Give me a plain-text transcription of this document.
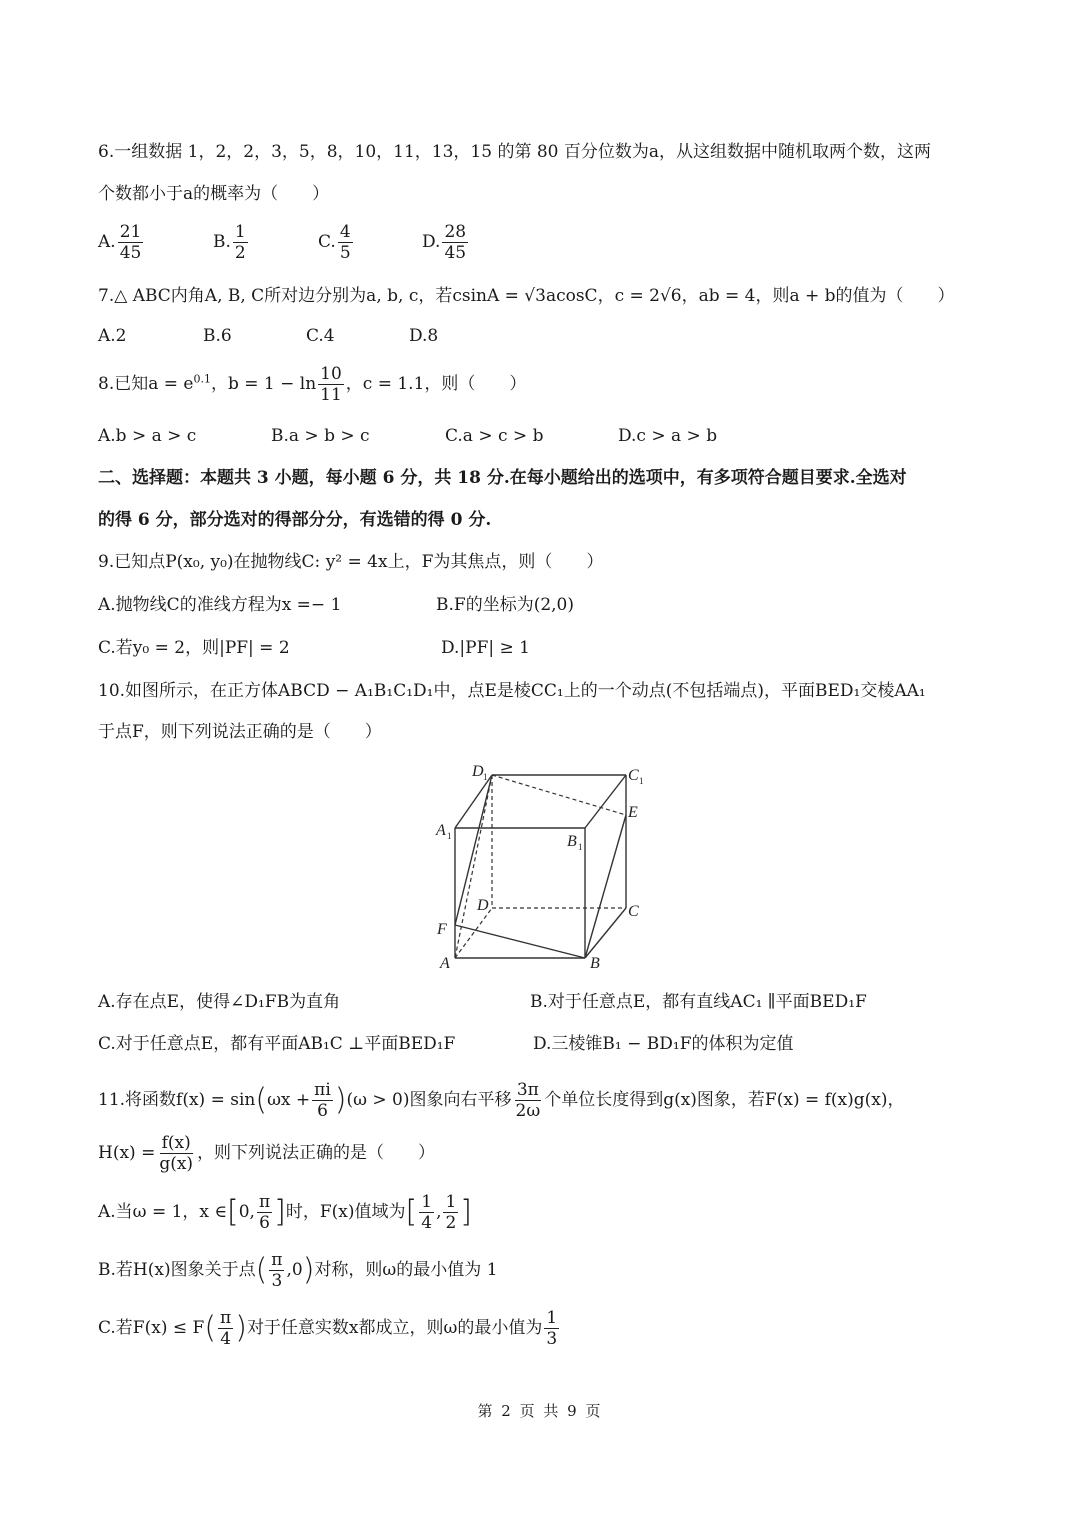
6.一组数据 1，2，2，3，5，8，10，11，13，15 的第 80 百分位数为a，从这组数据中随机取两个数，这两
个数都小于a的概率为（　　）
A. $\frac{21}{45}$	B. $\frac{1}{2}$	C. $\frac{4}{5}$	D. $\frac{28}{45}$
7.△ ABC内角A, B, C所对边分别为a, b, c，若csinA = √3acosC，c = 2√6，ab = 4，则a + b的值为（　　）
A.2	B.6	C.4	D.8
8.已知$a = e^{0.1}$，$b = 1 - \ln \frac{10}{11}$ ，c = 1.1，则（　　）
A.b > a > c	B.a > b > c	C.a > c > b	D.c > a > b
二、选择题：本题共 3 小题，每小题 6 分，共 18 分.在每小题给出的选项中，有多项符合题目要求.全选对
的得 6 分，部分选对的得部分分，有选错的得 0 分.
9.已知点P(x₀, y₀)在抛物线C: y² = 4x上，F为其焦点，则（　　）
A.抛物线C的准线方程为x =− 1	B.F的坐标为(2,0)
C.若y₀ = 2，则|PF| = 2	D.|PF| ≥ 1
10.如图所示，在正方体ABCD − A₁B₁C₁D₁中，点E是棱CC₁上的一个动点(不包括端点)，平面BED₁交棱AA₁
于点F，则下列说法正确的是（　　）
D 1	C 1
A 1	B 1
E
D	C
F
A	B
A.存在点E，使得∠D₁FB为直角	B.对于任意点E，都有直线AC₁ ∥平面BED₁F
C.对于任意点E，都有平面AB₁C ⊥平面BED₁F	D.三棱锥B₁ − BD₁F的体积为定值
11.将函数$f(x) = \sin(\omega x + \frac{\pi i}{6} )(\omega > 0)$图象向右平移 $\frac{3\pi}{2\omega}$ 个单位长度得到g(x)图象，若F(x) = f(x)g(x)，
$H(x) = \frac{f(x)}{g(x)}$ ，则下列说法正确的是（　　）
A.当ω = 1，x ∈[0, $\frac{\pi}{6}$ ]时，F(x)值域为[ $\frac{1}{4}$ , $\frac{1}{2}$ ]
B.若H(x)图象关于点( $\frac{\pi}{3} ,0$)对称，则ω的最小值为 1
C.若$F(x) \le F( \frac{\pi}{4}$ )对于任意实数x都成立，则ω的最小值为 $\frac{1}{3}$
第 2 页 共 9 页
